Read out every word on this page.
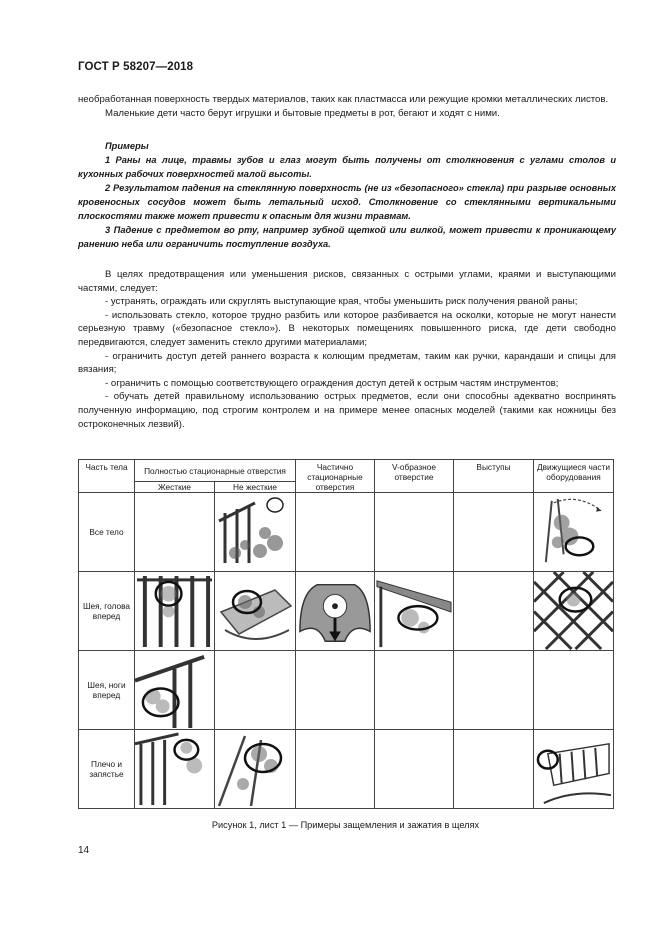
ГОСТ Р 58207—2018

необработанная поверхность твердых материалов, таких как пластмасса или режущие кромки металлических листов.

Маленькие дети часто берут игрушки и бытовые предметы в рот, бегают и ходят с ними.

Примеры

1 Раны на лице, травмы зубов и глаз могут быть получены от столкновения с углами столов и кухонных рабочих поверхностей малой высоты.

2 Результатом падения на стеклянную поверхность (не из «безопасного» стекла) при разрыве основных кровеносных сосудов может быть летальный исход. Столкновение со стеклянными вертикальными плоскостями также может привести к опасным для жизни травмам.

3 Падение с предметом во рту, например зубной щеткой или вилкой, может привести к проникающему ранению неба или ограничить поступление воздуха.

В целях предотвращения или уменьшения рисков, связанных с острыми углами, краями и выступающими частями, следует:

- устранять, ограждать или скруглять выступающие края, чтобы уменьшить риск получения рваной раны;

- использовать стекло, которое трудно разбить или которое разбивается на осколки, которые не могут нанести серьезную травму («безопасное стекло»). В некоторых помещениях повышенного риска, где дети свободно передвигаются, следует заменить стекло другими материалами;

- ограничить доступ детей раннего возраста к колющим предметам, таким как ручки, карандаши и спицы для вязания;

- ограничить с помощью соответствующего ограждения доступ детей к острым частям инструментов;

- обучать детей правильному использованию острых предметов, если они способны адекватно воспринять полученную информацию, под строгим контролем и на примере менее опасных моделей (такими как ножницы без остроконечных лезвий).

Часть тела	Полностью стационарные отверстия		Частично стационарные отверстия	V-образное отверстие	Выступы	Движущиеся части оборудования
	Жесткие	Не жесткие				
Все тело		

Шея, голова вперед	

Шея, ноги вперед	

Плечо и запястье	

Рисунок 1, лист 1 — Примеры защемления и зажатия в щелях
14
